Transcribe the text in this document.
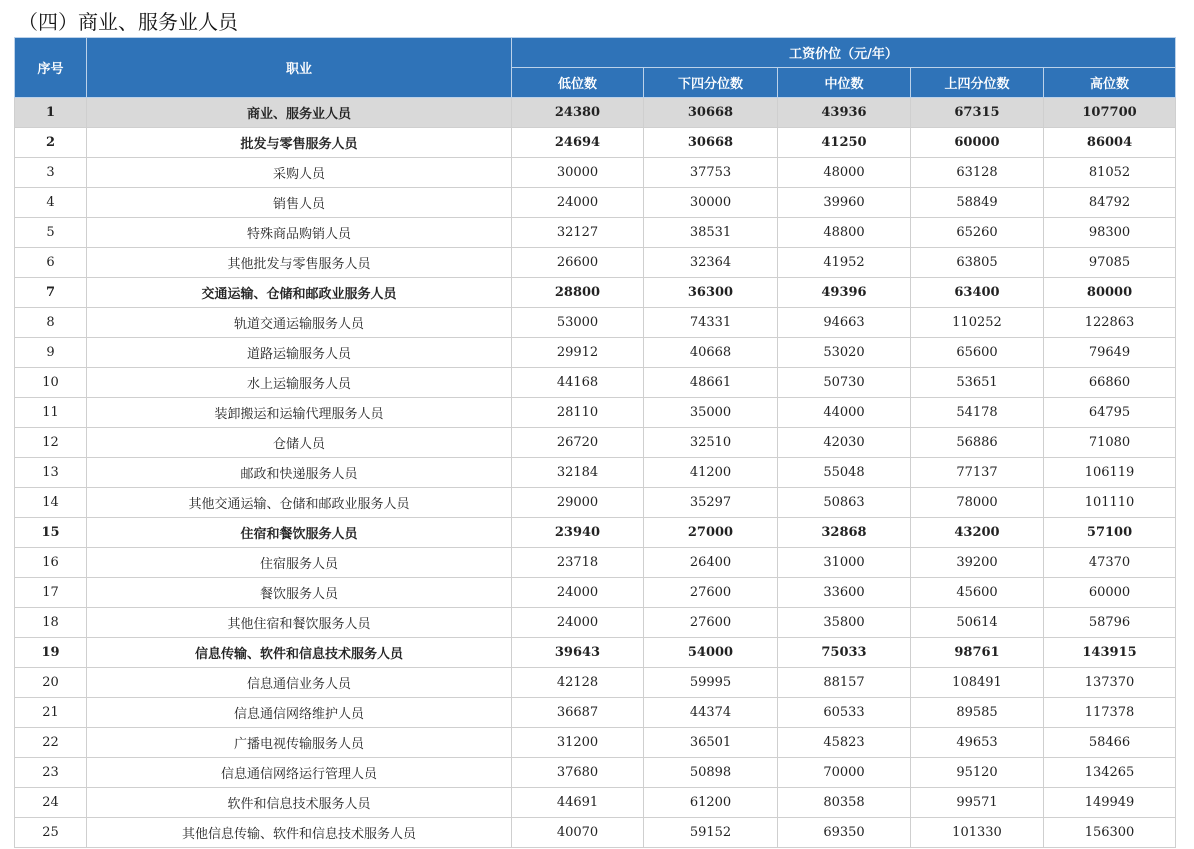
（四）商业、服务业人员
序号	职业	工资价位（元/年）				
		低位数	下四分位数	中位数	上四分位数	高位数
1	商业、服务业人员	24380	30668	43936	67315	107700
2	批发与零售服务人员	24694	30668	41250	60000	86004
3	采购人员	30000	37753	48000	63128	81052
4	销售人员	24000	30000	39960	58849	84792
5	特殊商品购销人员	32127	38531	48800	65260	98300
6	其他批发与零售服务人员	26600	32364	41952	63805	97085
7	交通运输、仓储和邮政业服务人员	28800	36300	49396	63400	80000
8	轨道交通运输服务人员	53000	74331	94663	110252	122863
9	道路运输服务人员	29912	40668	53020	65600	79649
10	水上运输服务人员	44168	48661	50730	53651	66860
11	装卸搬运和运输代理服务人员	28110	35000	44000	54178	64795
12	仓储人员	26720	32510	42030	56886	71080
13	邮政和快递服务人员	32184	41200	55048	77137	106119
14	其他交通运输、仓储和邮政业服务人员	29000	35297	50863	78000	101110
15	住宿和餐饮服务人员	23940	27000	32868	43200	57100
16	住宿服务人员	23718	26400	31000	39200	47370
17	餐饮服务人员	24000	27600	33600	45600	60000
18	其他住宿和餐饮服务人员	24000	27600	35800	50614	58796
19	信息传输、软件和信息技术服务人员	39643	54000	75033	98761	143915
20	信息通信业务人员	42128	59995	88157	108491	137370
21	信息通信网络维护人员	36687	44374	60533	89585	117378
22	广播电视传输服务人员	31200	36501	45823	49653	58466
23	信息通信网络运行管理人员	37680	50898	70000	95120	134265
24	软件和信息技术服务人员	44691	61200	80358	99571	149949
25	其他信息传输、软件和信息技术服务人员	40070	59152	69350	101330	156300
